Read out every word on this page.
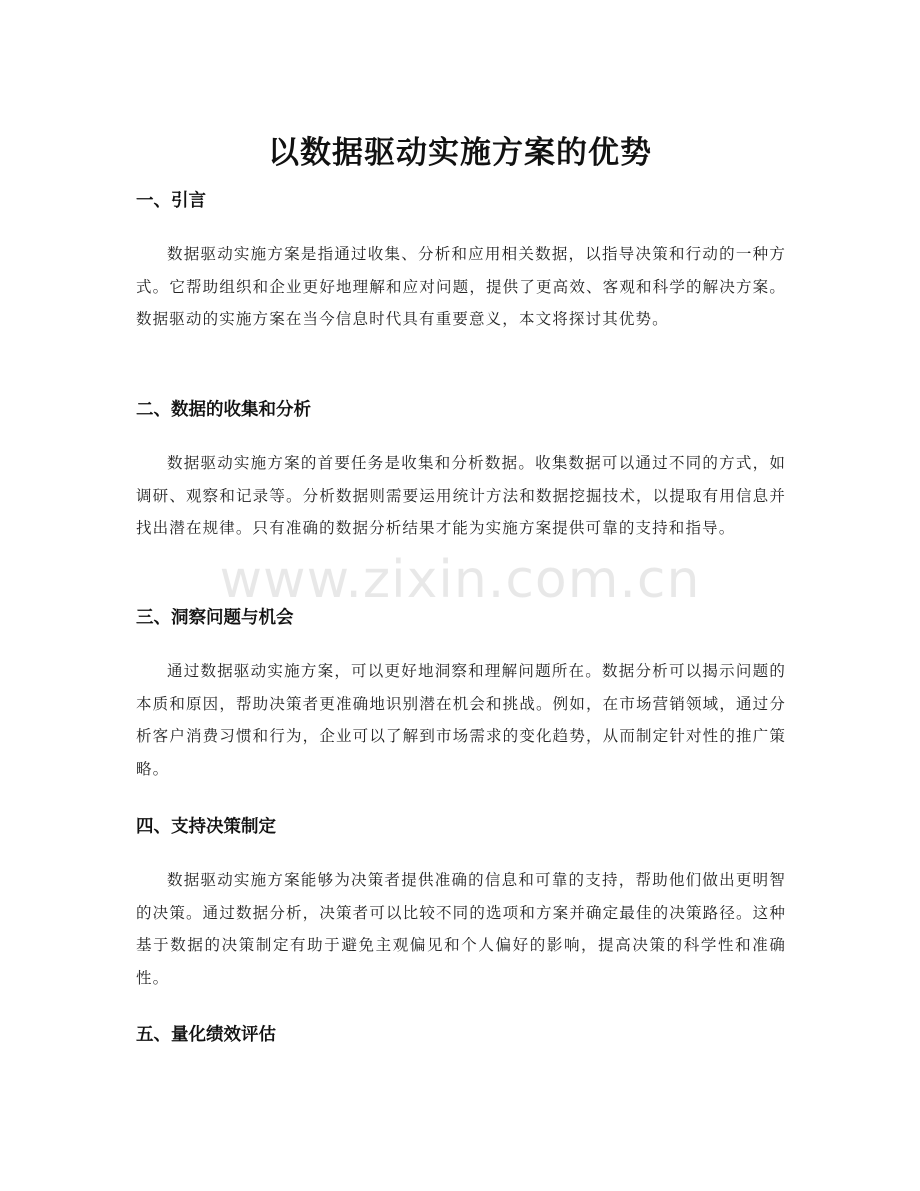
以数据驱动实施方案的优势
一、引言

数据驱动实施方案是指通过收集、分析和应用相关数据，以指导决策和行动的一种方式。它帮助组织和企业更好地理解和应对问题，提供了更高效、客观和科学的解决方案。数据驱动的实施方案在当今信息时代具有重要意义，本文将探讨其优势。

二、数据的收集和分析

数据驱动实施方案的首要任务是收集和分析数据。收集数据可以通过不同的方式，如调研、观察和记录等。分析数据则需要运用统计方法和数据挖掘技术，以提取有用信息并找出潜在规律。只有准确的数据分析结果才能为实施方案提供可靠的支持和指导。

三、洞察问题与机会

通过数据驱动实施方案，可以更好地洞察和理解问题所在。数据分析可以揭示问题的本质和原因，帮助决策者更准确地识别潜在机会和挑战。例如，在市场营销领域，通过分析客户消费习惯和行为，企业可以了解到市场需求的变化趋势，从而制定针对性的推广策略。

四、支持决策制定

数据驱动实施方案能够为决策者提供准确的信息和可靠的支持，帮助他们做出更明智的决策。通过数据分析，决策者可以比较不同的选项和方案并确定最佳的决策路径。这种基于数据的决策制定有助于避免主观偏见和个人偏好的影响，提高决策的科学性和准确性。

五、量化绩效评估
www.zixin.com.cn
